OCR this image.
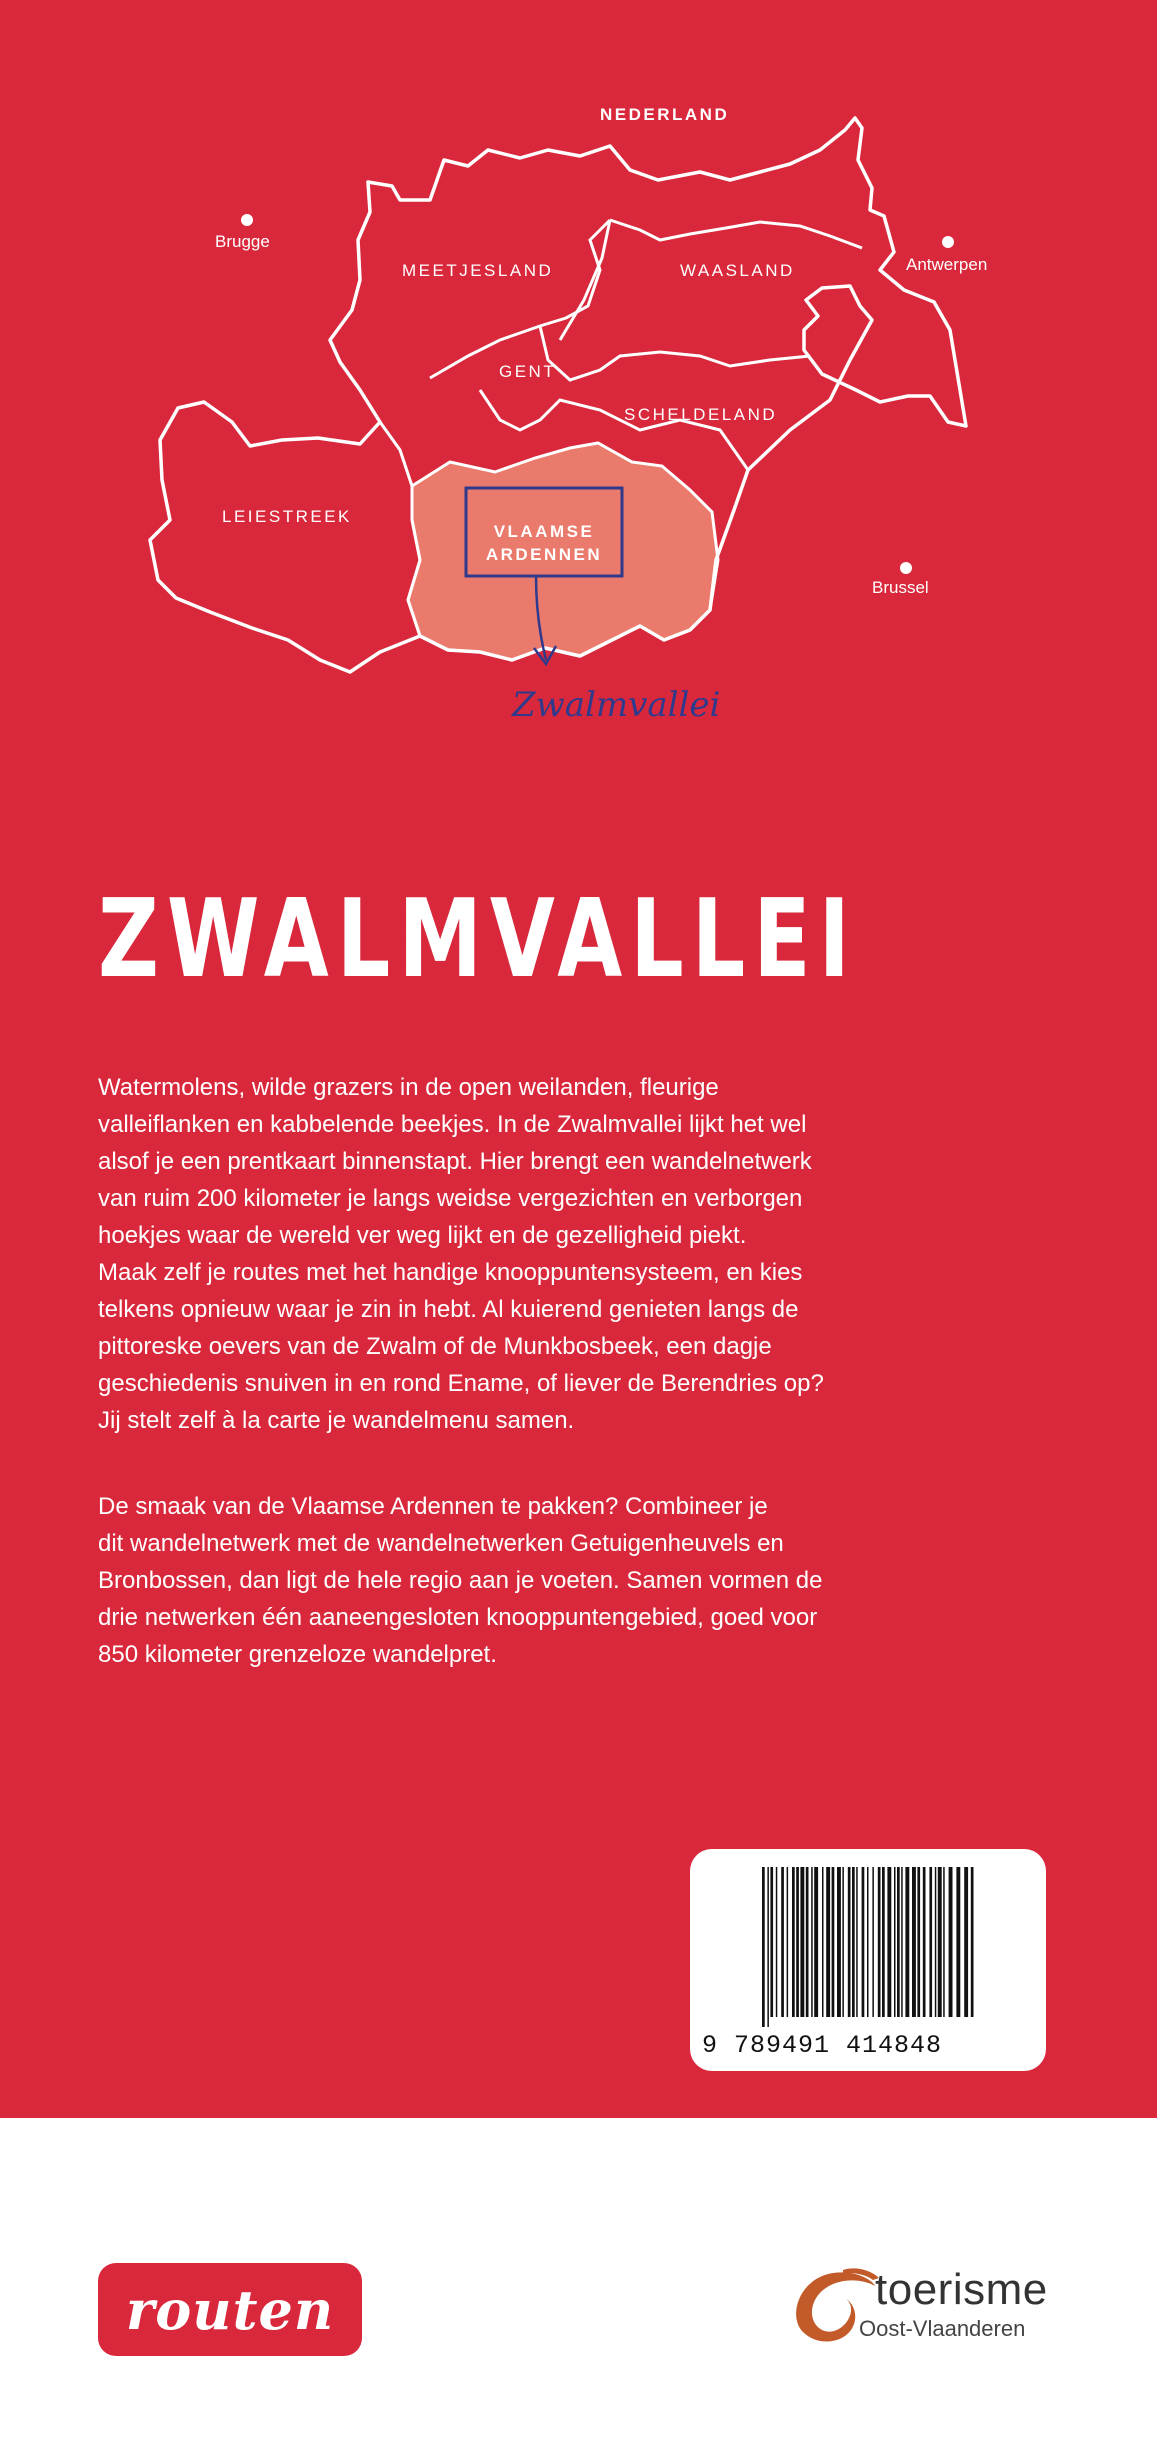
NEDERLAND
MEETJESLAND	WAASLAND
GENT
SCHELDELAND
LEIESTREEK
Brugge
Antwerpen
Brussel
VLAAMSE
ARDENNEN
Zwalmvallei
ZWALMVALLEI
Watermolens, wilde grazers in de open weilanden, fleurige
valleiflanken en kabbelende beekjes. In de Zwalmvallei lijkt het wel
alsof je een prentkaart binnenstapt. Hier brengt een wandelnetwerk
van ruim 200 kilometer je langs weidse vergezichten en verborgen
hoekjes waar de wereld ver weg lijkt en de gezelligheid piekt.
Maak zelf je routes met het handige knooppuntensysteem, en kies
telkens opnieuw waar je zin in hebt. Al kuierend genieten langs de
pittoreske oevers van de Zwalm of de Munkbosbeek, een dagje
geschiedenis snuiven in en rond Ename, of liever de Berendries op?
Jij stelt zelf à la carte je wandelmenu samen.
De smaak van de Vlaamse Ardennen te pakken? Combineer je
dit wandelnetwerk met de wandelnetwerken Getuigenheuvels en
Bronbossen, dan ligt de hele regio aan je voeten. Samen vormen de
drie netwerken één aaneengesloten knooppuntengebied, goed voor
850 kilometer grenzeloze wandelpret.
9 789491 414848
routen	toerisme
Oost-Vlaanderen
